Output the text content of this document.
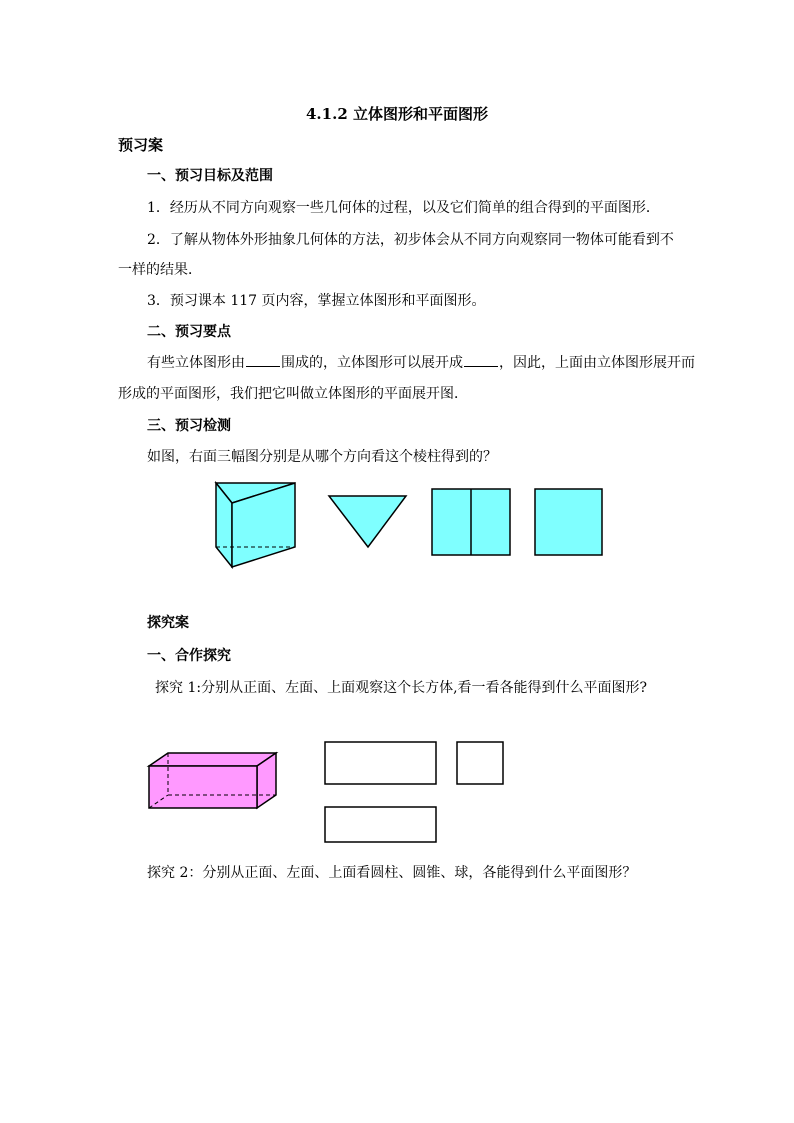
4.1.2 立体图形和平面图形
预习案
一、预习目标及范围
1．经历从不同方向观察一些几何体的过程，以及它们简单的组合得到的平面图形．
2．了解从物体外形抽象几何体的方法，初步体会从不同方向观察同一物体可能看到不
一样的结果．
3．预习课本 117 页内容，掌握立体图形和平面图形。
二、预习要点
有些立体图形由	围成的，立体图形可以展开成	，因此，上面由立体图形展开而
形成的平面图形，我们把它叫做立体图形的平面展开图．
三、预习检测
如图，右面三幅图分别是从哪个方向看这个棱柱得到的？
探究案
一、合作探究
探究 1:分别从正面、左面、上面观察这个长方体,看一看各能得到什么平面图形?
探究 2：分别从正面、左面、上面看圆柱、圆锥、球，各能得到什么平面图形？
